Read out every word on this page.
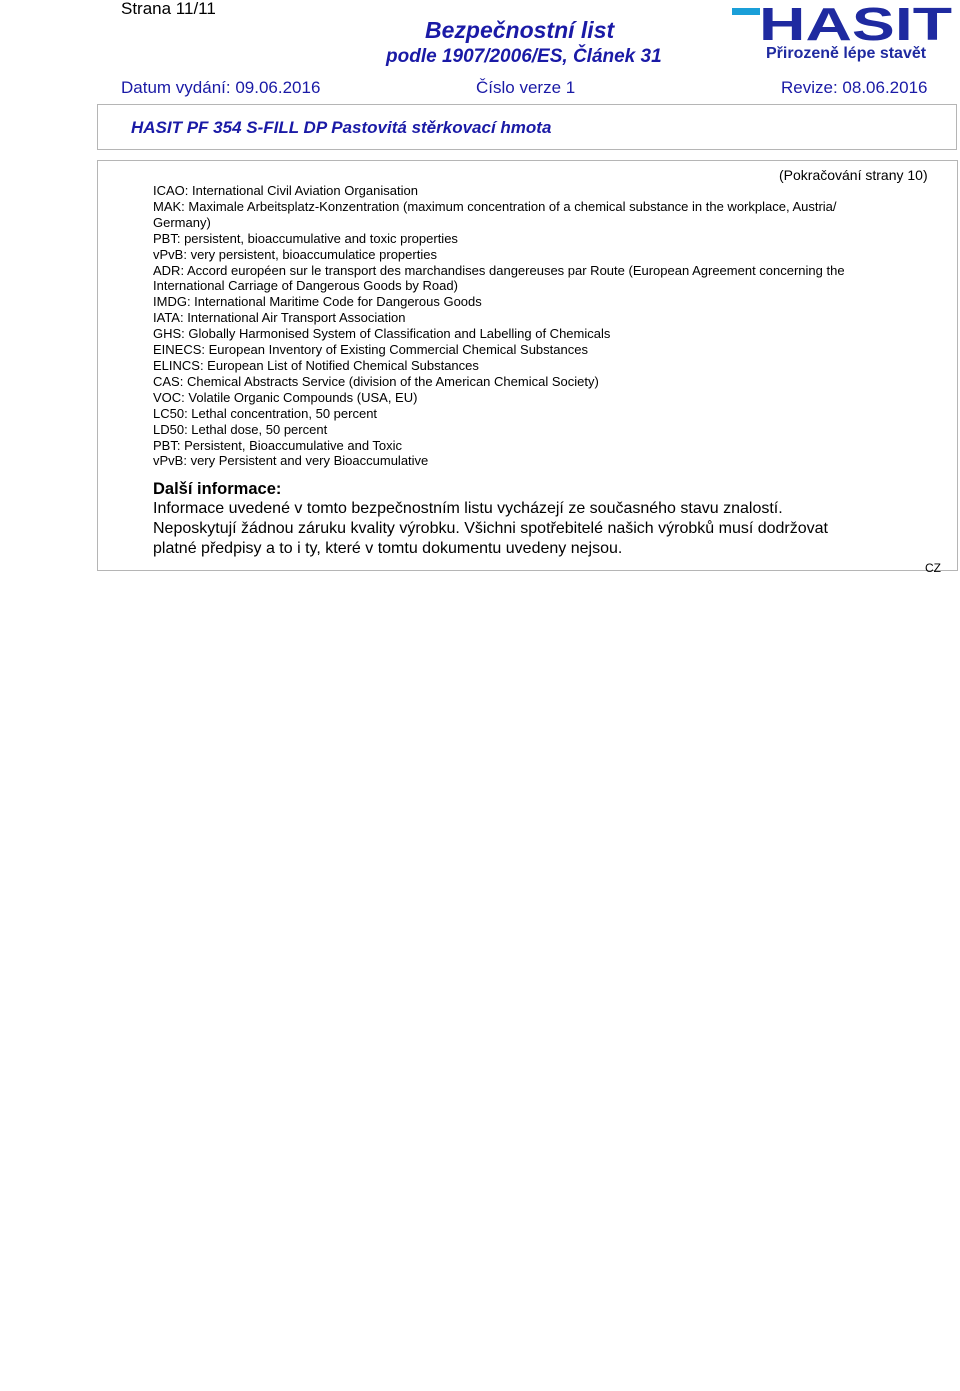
Strana 11/11
Bezpečnostní list
podle 1907/2006/ES, Článek 31
HASIT
Přirozeně lépe stavět
Datum vydání: 09.06.2016	Číslo verze 1	Revize: 08.06.2016
HASIT PF 354 S-FILL DP Pastovitá stěrkovací hmota
(Pokračování strany 10)
ICAO: International Civil Aviation Organisation
MAK: Maximale Arbeitsplatz-Konzentration (maximum concentration of a chemical substance in the workplace, Austria/
Germany)
PBT: persistent, bioaccumulative and toxic properties
vPvB: very persistent, bioaccumulatice properties
ADR: Accord européen sur le transport des marchandises dangereuses par Route (European Agreement concerning the
International Carriage of Dangerous Goods by Road)
IMDG: International Maritime Code for Dangerous Goods
IATA: International Air Transport Association
GHS: Globally Harmonised System of Classification and Labelling of Chemicals
EINECS: European Inventory of Existing Commercial Chemical Substances
ELINCS: European List of Notified Chemical Substances
CAS: Chemical Abstracts Service (division of the American Chemical Society)
VOC: Volatile Organic Compounds (USA, EU)
LC50: Lethal concentration, 50 percent
LD50: Lethal dose, 50 percent
PBT: Persistent, Bioaccumulative and Toxic
vPvB: very Persistent and very Bioaccumulative
Další informace:
Informace uvedené v tomto bezpečnostním listu vycházejí ze současného stavu znalostí.
Neposkytují žádnou záruku kvality výrobku. Všichni spotřebitelé našich výrobků musí dodržovat
platné předpisy a to i ty, které v tomtu dokumentu uvedeny nejsou.
CZ
